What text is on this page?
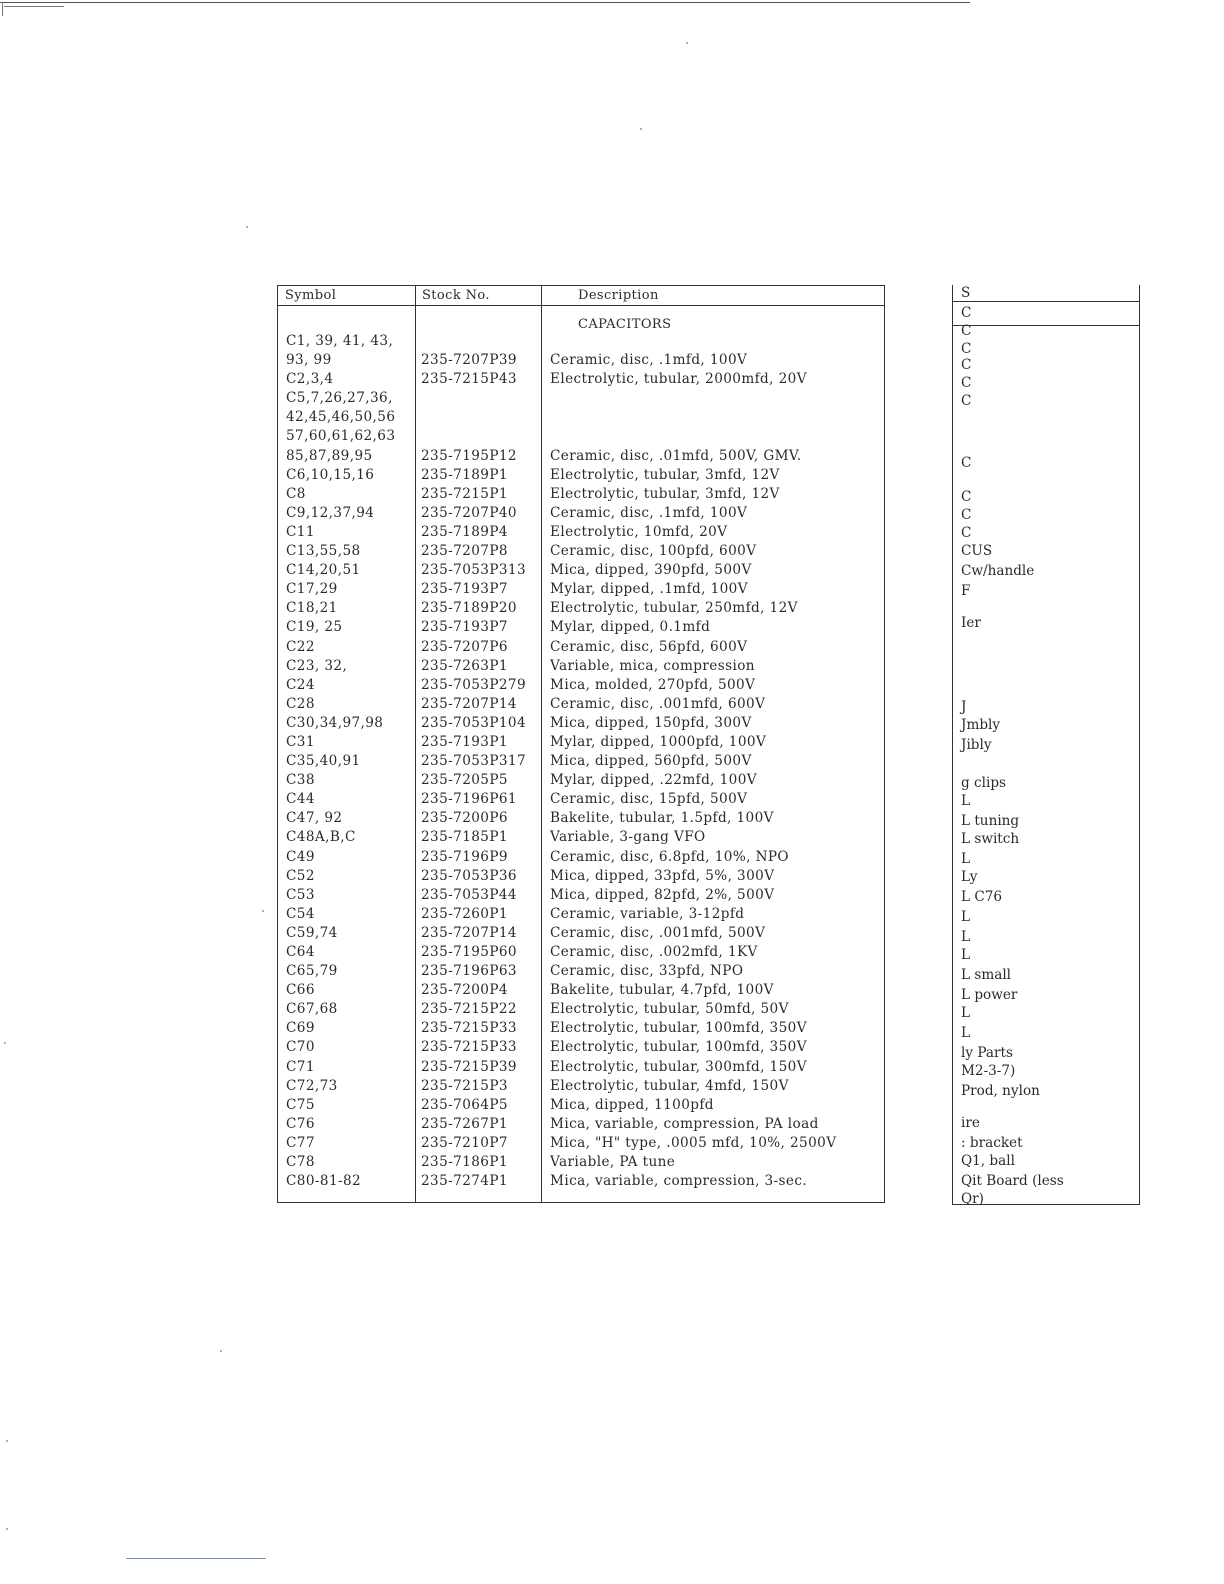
Symbol	Stock No.	Description
CAPACITORS
C1, 39, 41, 43,
93, 99	235-7207P39 Ceramic, disc, .1mfd, 100V
C2,3,4	235-7215P43 Electrolytic, tubular, 2000mfd, 20V
C5,7,26,27,36,
42,45,46,50,56
57,60,61,62,63
85,87,89,95	235-7195P12 Ceramic, disc, .01mfd, 500V, GMV.
C6,10,15,16	235-7189P1	Electrolytic, tubular, 3mfd, 12V
C8	235-7215P1	Electrolytic, tubular, 3mfd, 12V
C9,12,37,94	235-7207P40 Ceramic, disc, .1mfd, 100V
C11	235-7189P4	Electrolytic, 10mfd, 20V
C13,55,58	235-7207P8	Ceramic, disc, 100pfd, 600V
C14,20,51	235-7053P313 Mica, dipped, 390pfd, 500V
C17,29	235-7193P7	Mylar, dipped, .1mfd, 100V
C18,21	235-7189P20 Electrolytic, tubular, 250mfd, 12V
C19, 25	235-7193P7	Mylar, dipped, 0.1mfd
C22	235-7207P6	Ceramic, disc, 56pfd, 600V
C23, 32,	235-7263P1	Variable, mica, compression
C24	235-7053P279 Mica, molded, 270pfd, 500V
C28	235-7207P14 Ceramic, disc, .001mfd, 600V
C30,34,97,98	235-7053P104 Mica, dipped, 150pfd, 300V
C31	235-7193P1	Mylar, dipped, 1000pfd, 100V
C35,40,91	235-7053P317 Mica, dipped, 560pfd, 500V
C38	235-7205P5	Mylar, dipped, .22mfd, 100V
C44	235-7196P61 Ceramic, disc, 15pfd, 500V
C47, 92	235-7200P6	Bakelite, tubular, 1.5pfd, 100V
C48A,B,C	235-7185P1	Variable, 3-gang VFO
C49	235-7196P9	Ceramic, disc, 6.8pfd, 10%, NPO
C52	235-7053P36 Mica, dipped, 33pfd, 5%, 300V
C53	235-7053P44 Mica, dipped, 82pfd, 2%, 500V
C54	235-7260P1	Ceramic, variable, 3-12pfd
C59,74	235-7207P14 Ceramic, disc, .001mfd, 500V
C64	235-7195P60 Ceramic, disc, .002mfd, 1KV
C65,79	235-7196P63 Ceramic, disc, 33pfd, NPO
C66	235-7200P4	Bakelite, tubular, 4.7pfd, 100V
C67,68	235-7215P22 Electrolytic, tubular, 50mfd, 50V
C69	235-7215P33 Electrolytic, tubular, 100mfd, 350V
C70	235-7215P33 Electrolytic, tubular, 100mfd, 350V
C71	235-7215P39 Electrolytic, tubular, 300mfd, 150V
C72,73	235-7215P3	Electrolytic, tubular, 4mfd, 150V
C75	235-7064P5	Mica, dipped, 1100pfd
C76	235-7267P1	Mica, variable, compression, PA load
C77	235-7210P7	Mica, "H" type, .0005 mfd, 10%, 2500V
C78	235-7186P1	Variable, PA tune
C80-81-82	235-7274P1	Mica, variable, compression, 3-sec.
S
C
C
C
C
C
C
C
C
C
C
CUS
Cw/handle
F
Ier
J
Jmbly
Jibly
g clips
L
L tuning
L switch
L
Ly
L C76
L
L
L
L small
L power
L
L
ly Parts
M2-3-7)
Prod, nylon
ire
: bracket
Q1, ball
Qit Board (less
Qr)
